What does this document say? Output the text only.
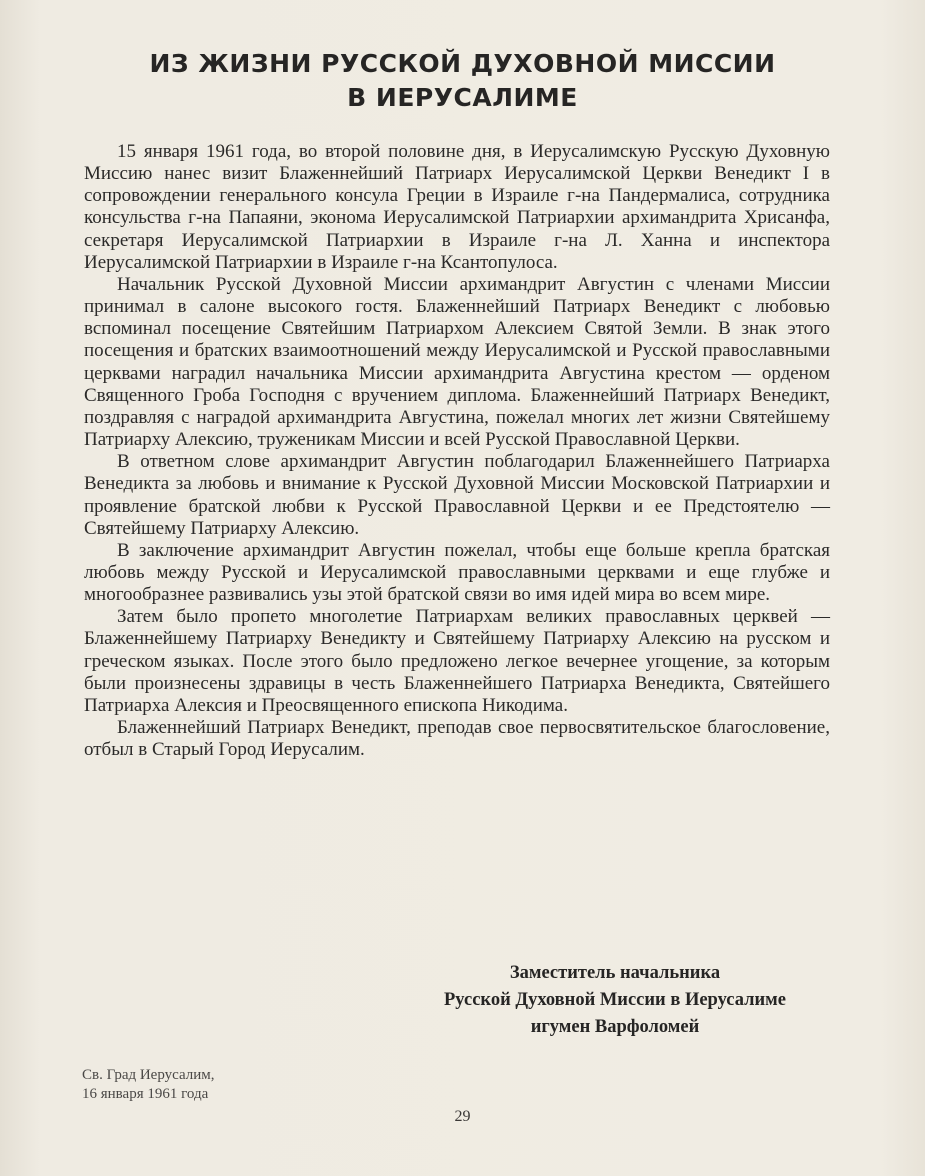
ИЗ ЖИЗНИ РУССКОЙ ДУХОВНОЙ МИССИИ
В ИЕРУСАЛИМЕ

15 января 1961 года, во второй половине дня, в Иерусалимскую Русскую Духовную Миссию нанес визит Блаженнейший Патриарх Иерусалимской Церкви Венедикт I в сопровождении генерального консула Греции в Израиле г-на Пандермалиса, сотрудника консульства г-на Папаяни, эконома Иерусалимской Патриархии архимандрита Хрисанфа, секретаря Иерусалимской Патриархии в Израиле г-на Л. Ханна и инспектора Иерусалимской Патриархии в Израиле г-на Ксантопулоса.

Начальник Русской Духовной Миссии архимандрит Августин с членами Миссии принимал в салоне высокого гостя. Блаженнейший Патриарх Венедикт с любовью вспоминал посещение Святейшим Патриархом Алексием Святой Земли. В знак этого посещения и братских взаимоотношений между Иерусалимской и Русской православными церквами наградил начальника Миссии архимандрита Августина крестом — орденом Священного Гроба Господня с вручением диплома. Блаженнейший Патриарх Венедикт, поздравляя с наградой архимандрита Августина, пожелал многих лет жизни Святейшему Патриарху Алексию, труженикам Миссии и всей Русской Православной Церкви.

В ответном слове архимандрит Августин поблагодарил Блаженнейшего Патриарха Венедикта за любовь и внимание к Русской Духовной Миссии Московской Патриархии и проявление братской любви к Русской Православной Церкви и ее Предстоятелю — Святейшему Патриарху Алексию.

В заключение архимандрит Августин пожелал, чтобы еще больше крепла братская любовь между Русской и Иерусалимской православными церквами и еще глубже и многообразнее развивались узы этой братской связи во имя идей мира во всем мире.

Затем было пропето многолетие Патриархам великих православных церквей — Блаженнейшему Патриарху Венедикту и Святейшему Патриарху Алексию на русском и греческом языках. После этого было предложено легкое вечернее угощение, за которым были произнесены здравицы в честь Блаженнейшего Патриарха Венедикта, Святейшего Патриарха Алексия и Преосвященного епископа Никодима.

Блаженнейший Патриарх Венедикт, преподав свое первосвятительское благословение, отбыл в Старый Город Иерусалим.

Заместитель начальника
Русской Духовной Миссии в Иерусалиме
игумен Варфоломей
Св. Град Иерусалим,
16 января 1961 года
29
